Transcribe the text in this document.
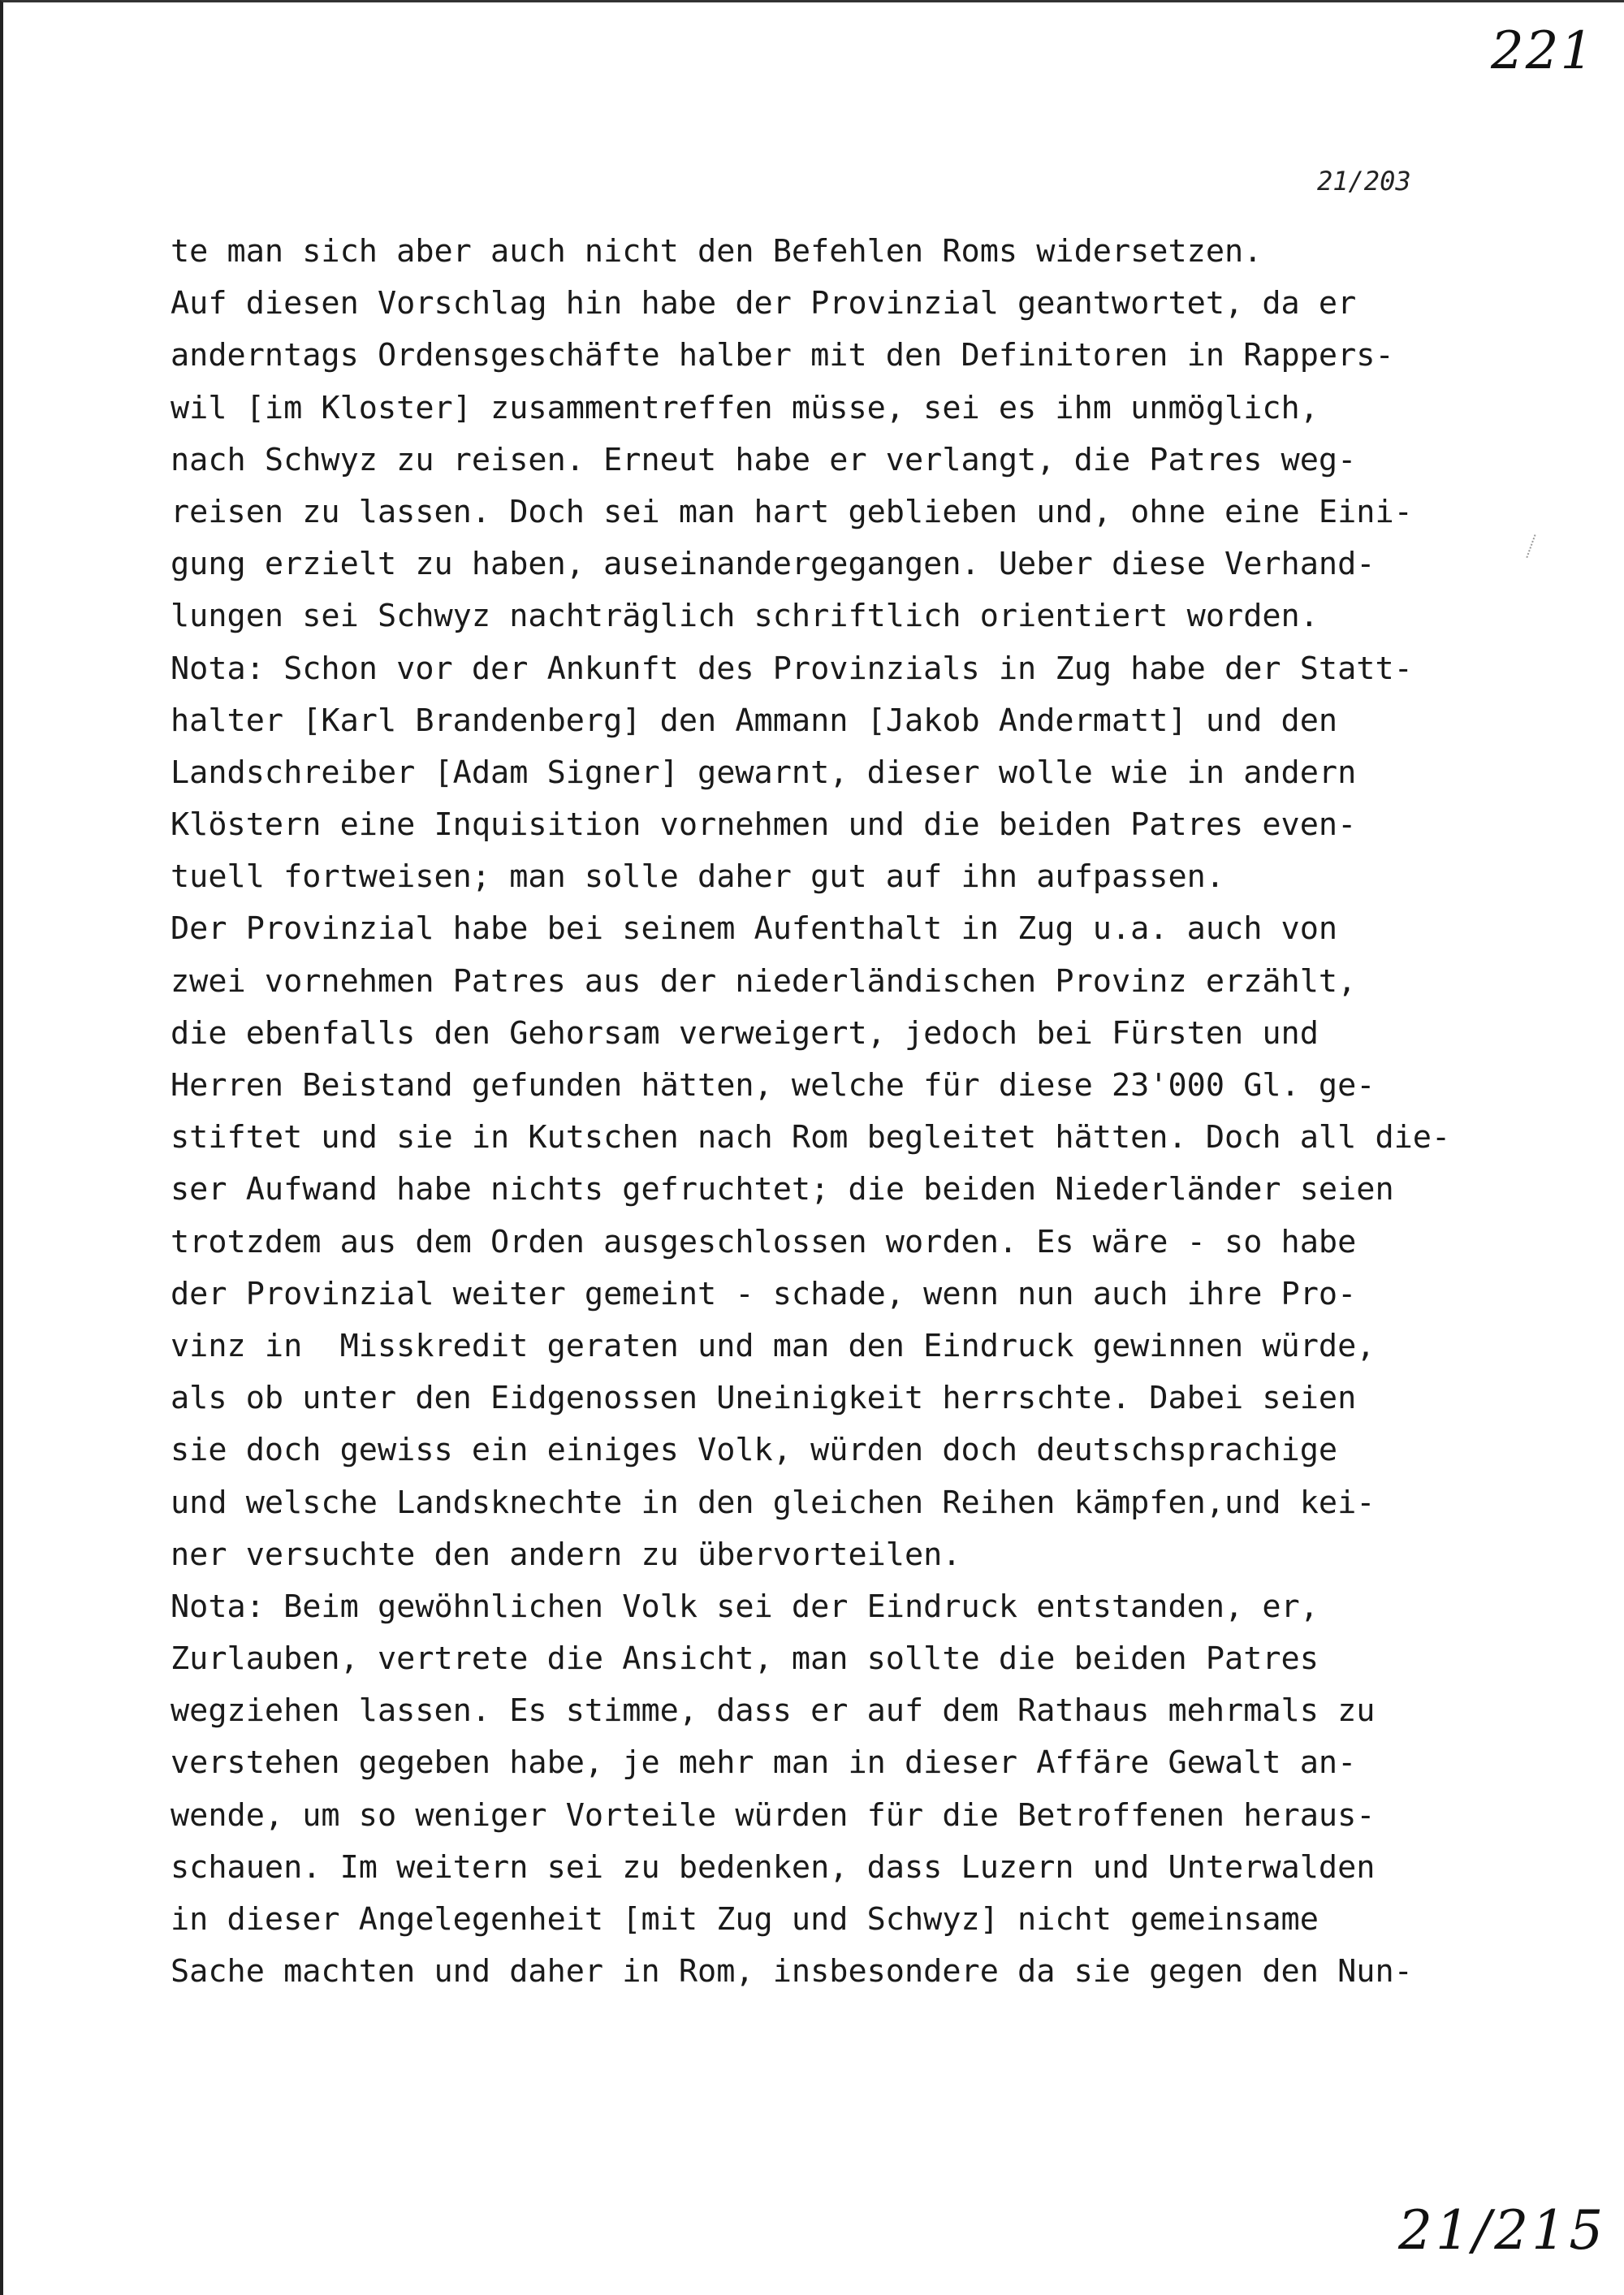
221
21/203
te man sich aber auch nicht den Befehlen Roms widersetzen.
Auf diesen Vorschlag hin habe der Provinzial geantwortet, da er
anderntags Ordensgeschäfte halber mit den Definitoren in Rappers-
wil [im Kloster] zusammentreffen müsse, sei es ihm unmöglich,
nach Schwyz zu reisen. Erneut habe er verlangt, die Patres weg-
reisen zu lassen. Doch sei man hart geblieben und, ohne eine Eini-
gung erzielt zu haben, auseinandergegangen. Ueber diese Verhand-
lungen sei Schwyz nachträglich schriftlich orientiert worden.
Nota: Schon vor der Ankunft des Provinzials in Zug habe der Statt-
halter [Karl Brandenberg] den Ammann [Jakob Andermatt] und den
Landschreiber [Adam Signer] gewarnt, dieser wolle wie in andern
Klöstern eine Inquisition vornehmen und die beiden Patres even-
tuell fortweisen; man solle daher gut auf ihn aufpassen.
Der Provinzial habe bei seinem Aufenthalt in Zug u.a. auch von
zwei vornehmen Patres aus der niederländischen Provinz erzählt,
die ebenfalls den Gehorsam verweigert, jedoch bei Fürsten und
Herren Beistand gefunden hätten, welche für diese 23'000 Gl. ge-
stiftet und sie in Kutschen nach Rom begleitet hätten. Doch all die-
ser Aufwand habe nichts gefruchtet; die beiden Niederländer seien
trotzdem aus dem Orden ausgeschlossen worden. Es wäre - so habe
der Provinzial weiter gemeint - schade, wenn nun auch ihre Pro-
vinz in  Misskredit geraten und man den Eindruck gewinnen würde,
als ob unter den Eidgenossen Uneinigkeit herrschte. Dabei seien
sie doch gewiss ein einiges Volk, würden doch deutschsprachige
und welsche Landsknechte in den gleichen Reihen kämpfen,und kei-
ner versuchte den andern zu übervorteilen.
Nota: Beim gewöhnlichen Volk sei der Eindruck entstanden, er,
Zurlauben, vertrete die Ansicht, man sollte die beiden Patres
wegziehen lassen. Es stimme, dass er auf dem Rathaus mehrmals zu
verstehen gegeben habe, je mehr man in dieser Affäre Gewalt an-
wende, um so weniger Vorteile würden für die Betroffenen heraus-
schauen. Im weitern sei zu bedenken, dass Luzern und Unterwalden
in dieser Angelegenheit [mit Zug und Schwyz] nicht gemeinsame
Sache machten und daher in Rom, insbesondere da sie gegen den Nun-
21/215
